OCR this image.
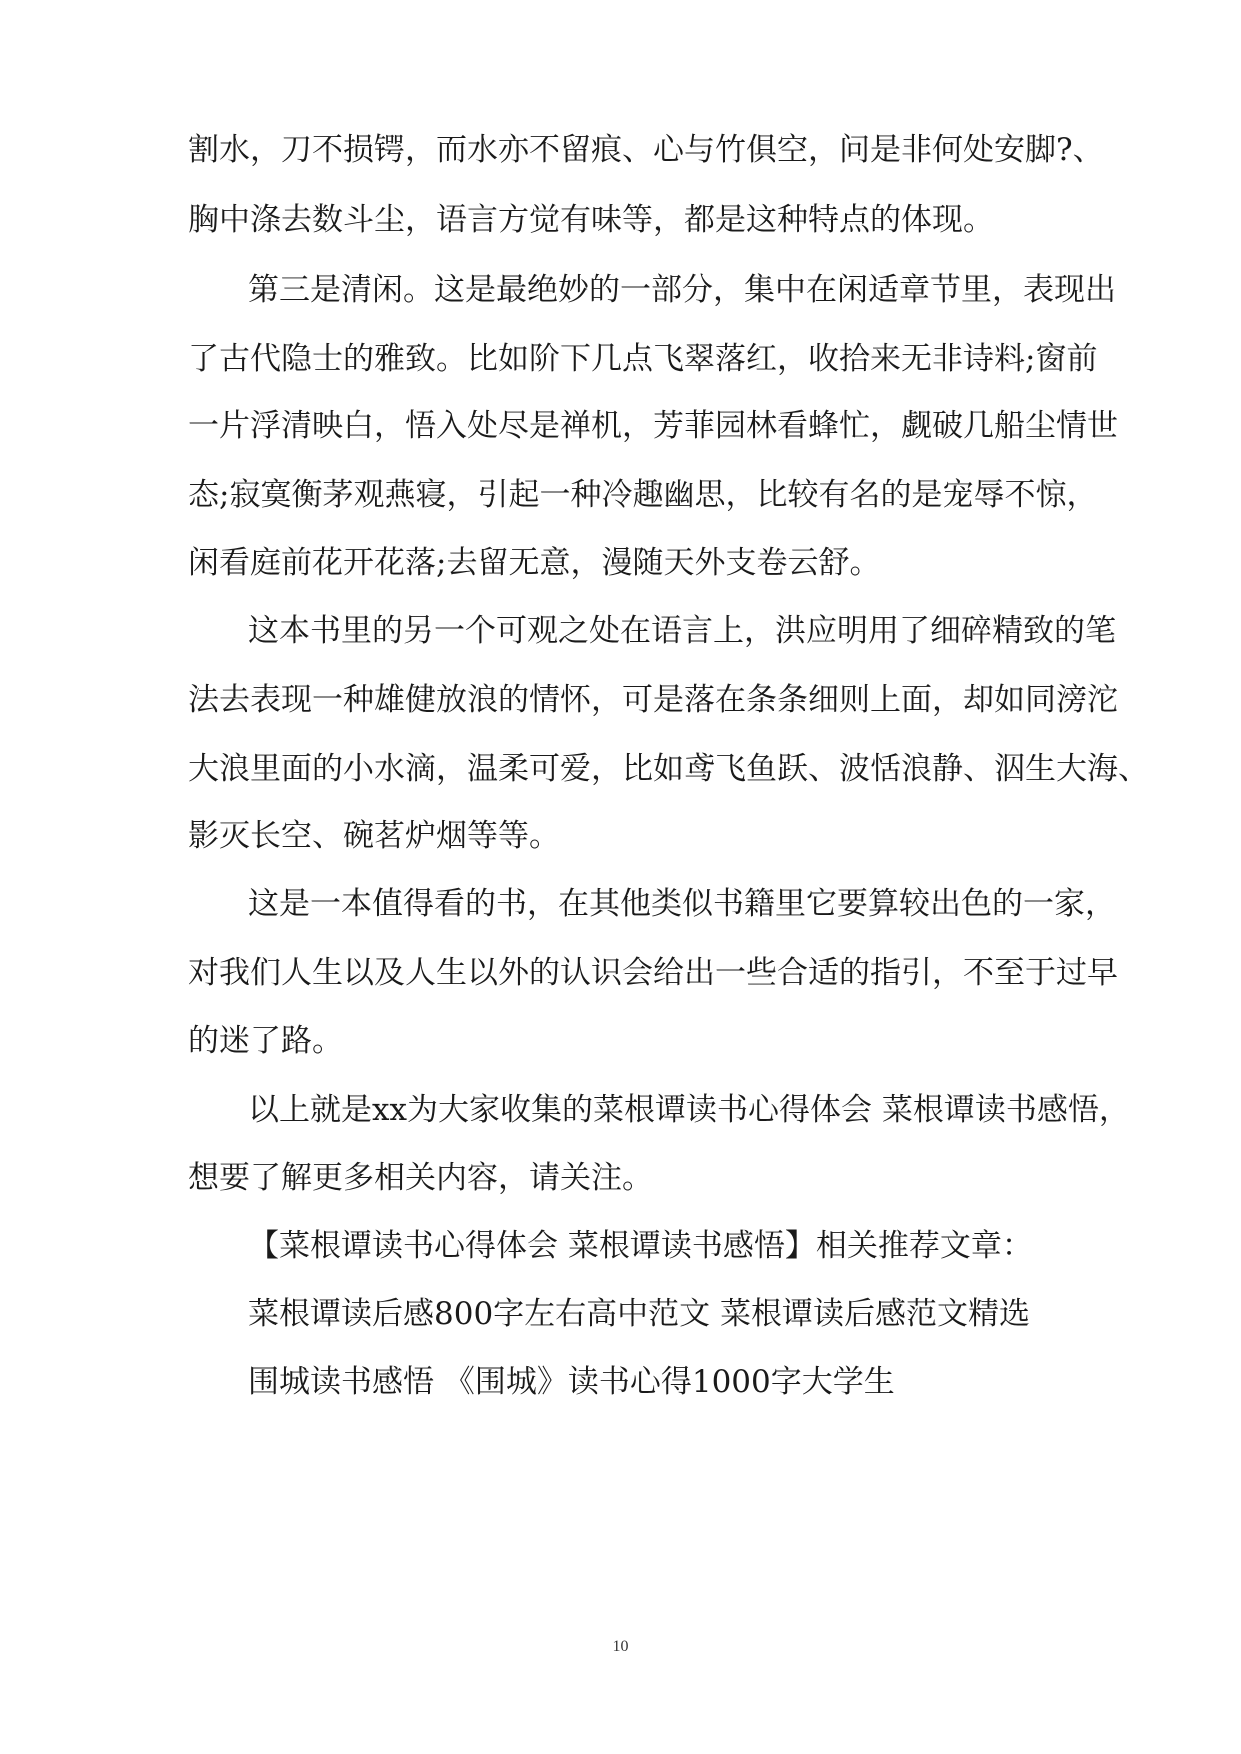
割水，刀不损锷，而水亦不留痕、心与竹俱空，问是非何处安脚?、
胸中涤去数斗尘，语言方觉有味等，都是这种特点的体现。
第三是清闲。这是最绝妙的一部分，集中在闲适章节里，表现出
了古代隐士的雅致。比如阶下几点飞翠落红，收拾来无非诗料;窗前
一片浮清映白，悟入处尽是禅机，芳菲园林看蜂忙，觑破几船尘情世
态;寂寞衡茅观燕寝，引起一种冷趣幽思，比较有名的是宠辱不惊，
闲看庭前花开花落;去留无意，漫随天外支卷云舒。
这本书里的另一个可观之处在语言上，洪应明用了细碎精致的笔
法去表现一种雄健放浪的情怀，可是落在条条细则上面，却如同滂沱
大浪里面的小水滴，温柔可爱，比如鸢飞鱼跃、波恬浪静、泅生大海、
影灭长空、碗茗炉烟等等。
这是一本值得看的书，在其他类似书籍里它要算较出色的一家，
对我们人生以及人生以外的认识会给出一些合适的指引，不至于过早
的迷了路。
以上就是xx为大家收集的菜根谭读书心得体会 菜根谭读书感悟，
想要了解更多相关内容，请关注。
【菜根谭读书心得体会 菜根谭读书感悟】相关推荐文章：
菜根谭读后感800字左右高中范文 菜根谭读后感范文精选
围城读书感悟 《围城》读书心得1000字大学生
10
